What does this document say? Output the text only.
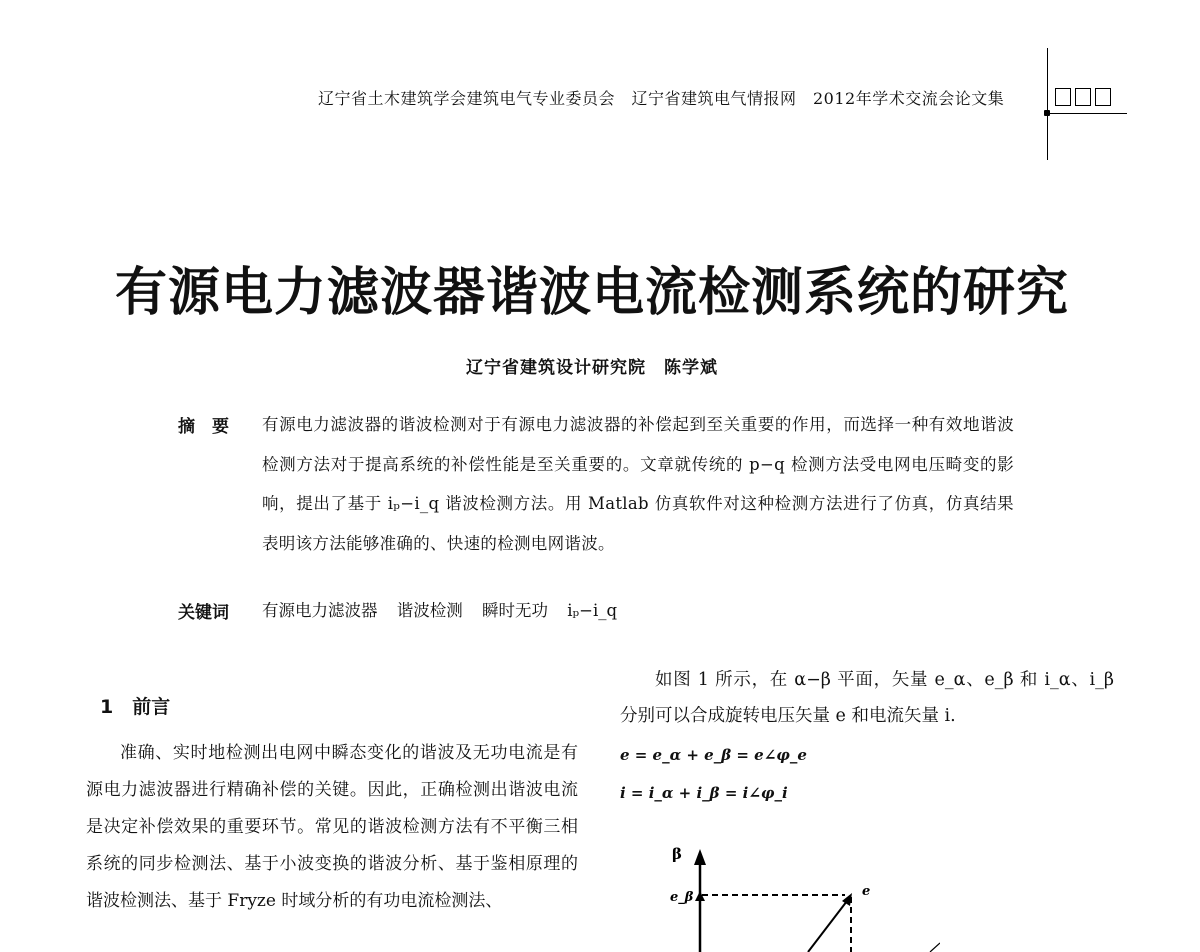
辽宁省土木建筑学会建筑电气专业委员会　辽宁省建筑电气情报网　2012年学术交流会论文集
有源电力滤波器谐波电流检测系统的研究
辽宁省建筑设计研究院　陈学斌
摘　要 有源电力滤波器的谐波检测对于有源电力滤波器的补偿起到至关重要的作用，而选择一种有效地谐波检测方法对于提高系统的补偿性能是至关重要的。文章就传统的 p−q 检测方法受电网电压畸变的影响，提出了基于 iₚ−i_q 谐波检测方法。用 Matlab 仿真软件对这种检测方法进行了仿真，仿真结果表明该方法能够准确的、快速的检测电网谐波。
关键词 有源电力滤波器 谐波检测 瞬时无功 iₚ−i_q
1　前言
准确、实时地检测出电网中瞬态变化的谐波及无功电流是有源电力滤波器进行精确补偿的关键。因此，正确检测出谐波电流是决定补偿效果的重要环节。常见的谐波检测方法有不平衡三相系统的同步检测法、基于小波变换的谐波分析、基于鉴相原理的谐波检测法、基于 Fryze 时域分析的有功电流检测法、
如图 1 所示，在 α−β 平面，矢量 e_α、e_β 和 i_α、i_β 分别可以合成旋转电压矢量 e 和电流矢量 i.
e = e_α + e_β = e∠φ_e
i = i_α + i_β = i∠φ_i
β
e_β	e
